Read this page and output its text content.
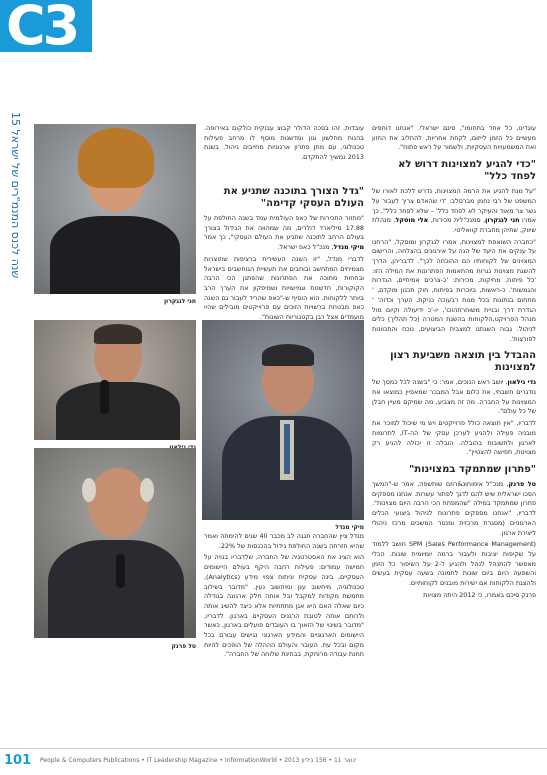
C3
15 שנה לכנס המנמ"רים של ישראל
חני לנגקרון
מיקי מנדל
טל פרנק

עובדות. זהו בסכה הדולר קבוצ עבוקית כולקום באירופה. בהנות מחלשון וגון ומדשנות מוסף לו מרחב פעילות טכנולוגי, עם מתן פתרון ארגוניות מחייבים ניהול. בשנת 2013 נמשיך להתקדם.

"גדל הצורך בתוכנה שתניע את העולם העסקי קדימה"

"מחזור התכירות של כאפ העולמית עמד בשנה החולפת על 17.88 מיליארד דולרים, מה שמהווה את הגידול בצורך בעולם הרחב לתוכנה שתניע את העולם העסקי", כך אמר מיקי מנדל, מנכ"ל כאפ ישראל.

לדברי מנדל, "זו השנה העשירית ברציפות שתוצרות מצמיחים המתחשב ובוחבים את תעשיית הגוחשבים בישראל ובחחות מתוכה את הפתרונות שהפתגן הכי הרבה הקוקורות, חדשנות וגמישויות ושמיפקון את הערך הרב ביותר ללקוחות. הוא הוסיף ש-"כאפ שהריד לעבור גם השנה כאפ מבטחת ברשויות הזוכים עם פרוייקטים מובילים שהיו מועמדים אצל רבן בקטגוריות השונות".

מנדל ציין שהחברה תגגה לב מכבר 40 שנים להימתה ואמר שהיא חזרתה בשנה החולפת גידול בהכנסות של 22%.

הוא הציג את האסטרטגיה של החברה, שלדבריו בנויה על חמישה עמודים: פעילות רחבה היקף בעולם היישומים העסקיים, בינה עסקית וניתוח צפוי מידע (Analytics), טכנולוגיה, מיחשוב ענן ומיחשוב נעין. "מדובר בשילוב מחמשת מקודות למקבל ובל אותה חלק ארגונה בגודלה כיום שאלה האם היא אגן מתחתיות אלא כיצד להשיג אותה ולרותם אותה לטובת הרגנים העסקיים בארגון. לדבריו, "מדובר בשינוי של הזאוך בו העובדים פועלים בארגון, כאשר היישומים הארגוניים והמידע הארגוני נגישים עבורם בכל מקום ובכל עת. העובר והעולם הההלה של הופכים להיות תחנת עבודה מרוחקת, בבחינת שלוחה של החברה".

עוגדינו, כל אחד בתחומו", סינם ישראלי. "אנחנו דוחפים מעשיים כל הזמן לייזום, לקחת אחריות, להחליב את החזון ואת המשמעויות העסקיות, ולשמור על ראש פתוח".

"כדי להגיע למצוינות דרוש לא לפחד כלל"

"על מנת להגיע את הרמה המצוינות, נדרש ללכת לאורו של המשפט של רבי נחמן מברסלב: 'די שהאדם צריך לעבור על גשר צר מאוד והעיקר לא לפחד כלל' – שלא לפחד כלל", כך אמרו חני לנגקרון, סמנכ"לית מכירות, אלי מוסקל, מנהלת שיווק, שתיהן מחברת קוואליטי.

"כחברה השואפת למצוינות, אמרו לנגקרון ומוסקל, "הרחנו על ענקים את היעד של הגה על אירגונים בהצלחה, והרישום המצוינים של לקוחותיו הם ההוכחה לכך". לדבריהן, הדרך להשגת מצוינות נגרות מהתאמות הפתרונות את המילה הזו: 'כל פיתוח, מחיקות, מכירות: 'כ-צרכים אמיתיים, הגדרות והגמשות'. כ-ראשות, ביוכרות בפיתוח, חוק תכנון מוקדם, ' מתחום בנתונות בכל מנות רבעוכה כניקת, הערך וכדוה' ' הגדרת דרך ובניית משוחרתהוכו', יו-'כ ידיעולה וקיום מול מנהל הפרויקט,הלקוחות בהשגת המטרה (כל תהליך) כלים לניהול. גבוה השגתנו למצבית הביצועים, נוכח והתכוונות לפורצות'.

ההבדל בין תוצאה משביעת רצון למצוינות

גדי גילאון, יושב ראש הנוכים, אמר: כי "בשנה לכל כמסך של נודגרים חשבתי, את כלום אבל המבכר שמאפיין כמוצאו את המצוינות על החברה. מה זה מצביע, מה שמיקם מעיין חבלן של כל עולם".

לדבריו, "אין תוצאה כולל פרוייקטים ויש מי שיכול למוכר את מובניה פעילה ולהגיע לערכן עסקי של הה-IT, לתרומות לארגון ולתשובות בהובלה. הובלה זו יכולה להגיע רק מצוינות, תפישה להצטיין".

"פתרון שמתמקד במצוינות"

טל פרנק, מנכ"ל אימוחונ&רוזם שותשפה, אמר ש-"המשך הפכו ישראלית שיש להם לדגך לפתור עשרות. אנחנו מספקים פתרון שמתמקד במילה "שהמפתח הכי הרבה היום מצוינות". לדבריו, "אנחנו מספקים פתרונות לניהול ביצועי הכלים הארגוניים (מסגרת מרכזית ומנטר המשכים מרכז ניהולי ליצירת ארגון.

SPM (Sales Performance Management) חושב ללמוד על שקיפות יציבות ולעבור ברמה יומיומית שונות. הכלי מאפשר להתנהל לנהל ולהגיע ל-2 על השיפור כל הזמן והשפעה היום ביום שונות לתמונה בשעה עסקית בעשים ולהצגת הלקוחות אם ישירות מובנים לקוחותיים.

פרנק סיכם באמרו, כי 2012 היתה מצוינת

101 People & Computers Publications • IT Leadership Magazine • InformationWorld • 2013 ינואר 11 • 156 גיליון
